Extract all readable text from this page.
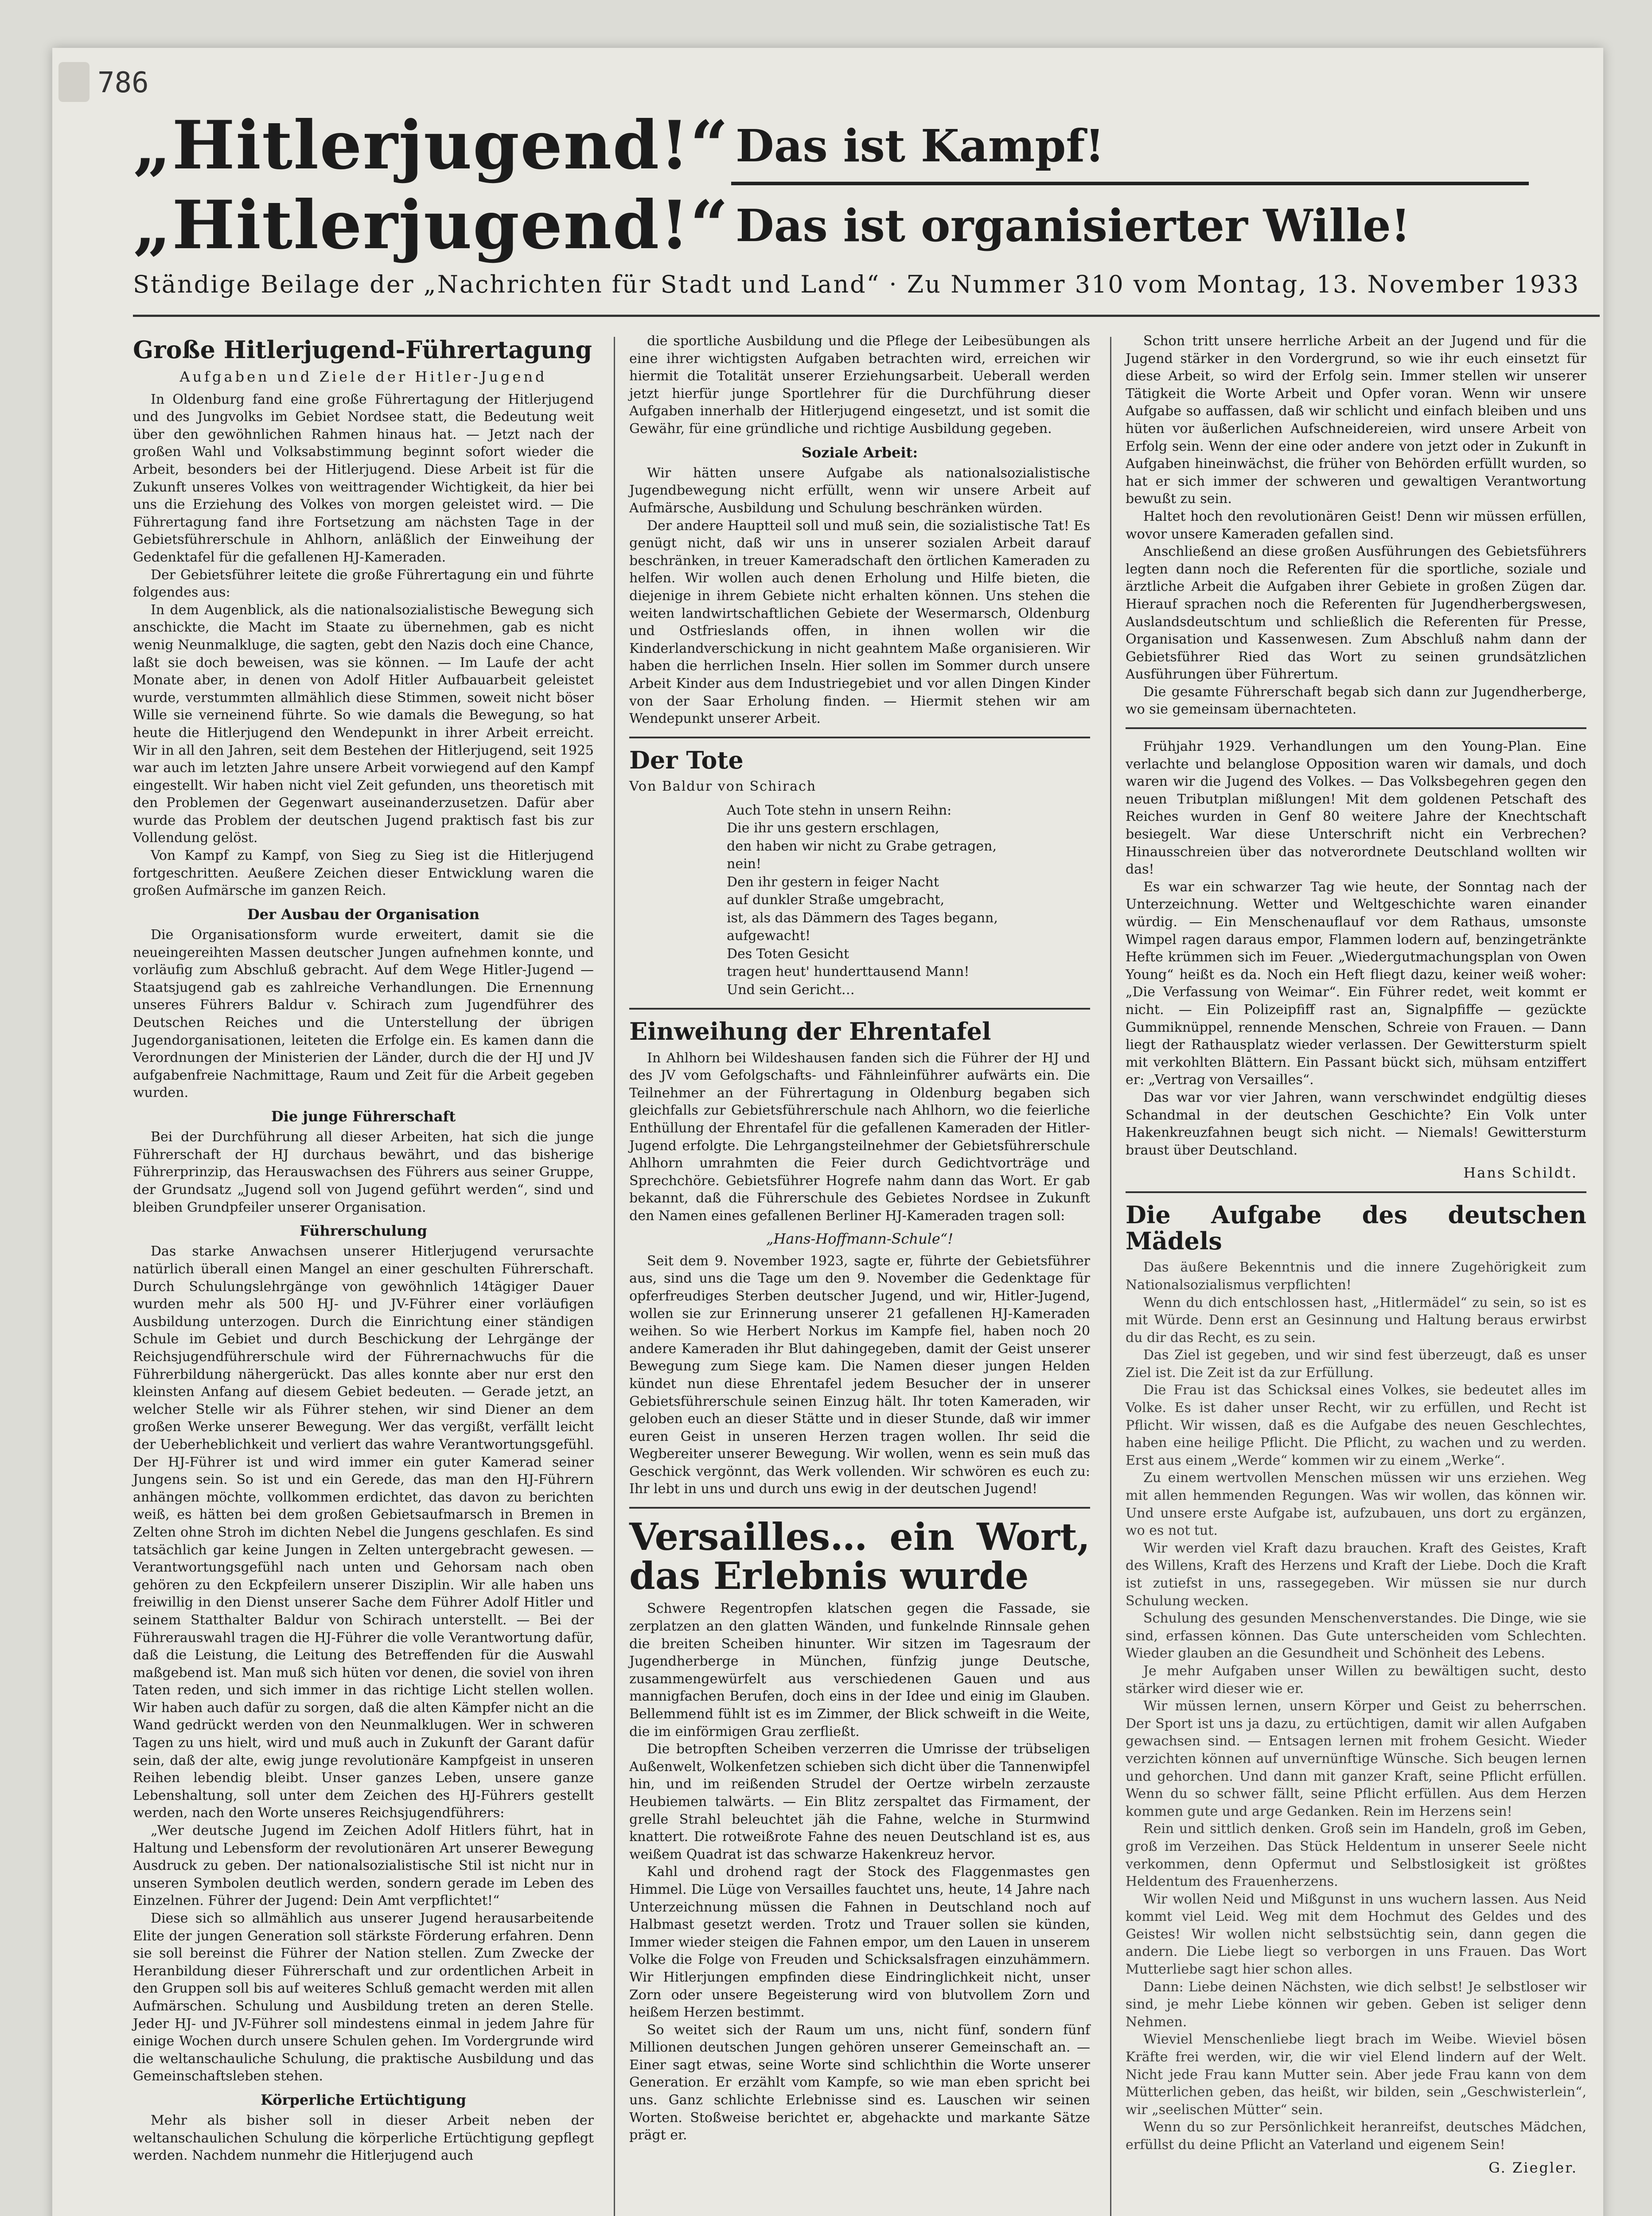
786
„Hitlerjugend!“ Das ist Kampf!
„Hitlerjugend!“ Das ist organisierter Wille!
Ständige Beilage der „Nachrichten für Stadt und Land“ · Zu Nummer 310 vom Montag, 13. November 1933
Große Hitlerjugend-Führertagung
Aufgaben und Ziele der Hitler-Jugend

In Oldenburg fand eine große Führertagung der Hitlerjugend und des Jungvolks im Gebiet Nordsee statt, die Bedeutung weit über den gewöhnlichen Rahmen hinaus hat. — Jetzt nach der großen Wahl und Volksabstimmung beginnt sofort wieder die Arbeit, besonders bei der Hitlerjugend. Diese Arbeit ist für die Zukunft unseres Volkes von weittragender Wichtigkeit, da hier bei uns die Erziehung des Volkes von morgen geleistet wird. — Die Führertagung fand ihre Fortsetzung am nächsten Tage in der Gebietsführerschule in Ahlhorn, anläßlich der Einweihung der Gedenktafel für die gefallenen HJ-Kameraden.

Der Gebietsführer leitete die große Führertagung ein und führte folgendes aus:

In dem Augenblick, als die nationalsozialistische Bewegung sich anschickte, die Macht im Staate zu übernehmen, gab es nicht wenig Neunmalkluge, die sagten, gebt den Nazis doch eine Chance, laßt sie doch beweisen, was sie können. — Im Laufe der acht Monate aber, in denen von Adolf Hitler Aufbauarbeit geleistet wurde, verstummten allmählich diese Stimmen, soweit nicht böser Wille sie verneinend führte. So wie damals die Bewegung, so hat heute die Hitlerjugend den Wendepunkt in ihrer Arbeit erreicht. Wir in all den Jahren, seit dem Bestehen der Hitlerjugend, seit 1925 war auch im letzten Jahre unsere Arbeit vorwiegend auf den Kampf eingestellt. Wir haben nicht viel Zeit gefunden, uns theoretisch mit den Problemen der Gegenwart auseinanderzusetzen. Dafür aber wurde das Problem der deutschen Jugend praktisch fast bis zur Vollendung gelöst.

Von Kampf zu Kampf, von Sieg zu Sieg ist die Hitlerjugend fortgeschritten. Aeußere Zeichen dieser Entwicklung waren die großen Aufmärsche im ganzen Reich.

Der Ausbau der Organisation

Die Organisationsform wurde erweitert, damit sie die neueingereihten Massen deutscher Jungen aufnehmen konnte, und vorläufig zum Abschluß gebracht. Auf dem Wege Hitler-Jugend — Staatsjugend gab es zahlreiche Verhandlungen. Die Ernennung unseres Führers Baldur v. Schirach zum Jugendführer des Deutschen Reiches und die Unterstellung der übrigen Jugendorganisationen, leiteten die Erfolge ein. Es kamen dann die Verordnungen der Ministerien der Länder, durch die der HJ und JV aufgabenfreie Nachmittage, Raum und Zeit für die Arbeit gegeben wurden.

Die junge Führerschaft

Bei der Durchführung all dieser Arbeiten, hat sich die junge Führerschaft der HJ durchaus bewährt, und das bisherige Führerprinzip, das Herauswachsen des Führers aus seiner Gruppe, der Grundsatz „Jugend soll von Jugend geführt werden“, sind und bleiben Grundpfeiler unserer Organisation.

Führerschulung

Das starke Anwachsen unserer Hitlerjugend verursachte natürlich überall einen Mangel an einer geschulten Führerschaft. Durch Schulungslehrgänge von gewöhnlich 14tägiger Dauer wurden mehr als 500 HJ- und JV-Führer einer vorläufigen Ausbildung unterzogen. Durch die Einrichtung einer ständigen Schule im Gebiet und durch Beschickung der Lehrgänge der Reichsjugendführerschule wird der Führernachwuchs für die Führerbildung nähergerückt. Das alles konnte aber nur erst den kleinsten Anfang auf diesem Gebiet bedeuten. — Gerade jetzt, an welcher Stelle wir als Führer stehen, wir sind Diener an dem großen Werke unserer Bewegung. Wer das vergißt, verfällt leicht der Ueberheblichkeit und verliert das wahre Verantwortungsgefühl. Der HJ-Führer ist und wird immer ein guter Kamerad seiner Jungens sein. So ist und ein Gerede, das man den HJ-Führern anhängen möchte, vollkommen erdichtet, das davon zu berichten weiß, es hätten bei dem großen Gebietsaufmarsch in Bremen in Zelten ohne Stroh im dichten Nebel die Jungens geschlafen. Es sind tatsächlich gar keine Jungen in Zelten untergebracht gewesen. — Verantwortungsgefühl nach unten und Gehorsam nach oben gehören zu den Eckpfeilern unserer Disziplin. Wir alle haben uns freiwillig in den Dienst unserer Sache dem Führer Adolf Hitler und seinem Statthalter Baldur von Schirach unterstellt. — Bei der Führerauswahl tragen die HJ-Führer die volle Verantwortung dafür, daß die Leistung, die Leitung des Betreffenden für die Auswahl maßgebend ist. Man muß sich hüten vor denen, die soviel von ihren Taten reden, und sich immer in das richtige Licht stellen wollen. Wir haben auch dafür zu sorgen, daß die alten Kämpfer nicht an die Wand gedrückt werden von den Neunmalklugen. Wer in schweren Tagen zu uns hielt, wird und muß auch in Zukunft der Garant dafür sein, daß der alte, ewig junge revolutionäre Kampfgeist in unseren Reihen lebendig bleibt. Unser ganzes Leben, unsere ganze Lebenshaltung, soll unter dem Zeichen des HJ-Führers gestellt werden, nach den Worte unseres Reichsjugendführers:

„Wer deutsche Jugend im Zeichen Adolf Hitlers führt, hat in Haltung und Lebensform der revolutionären Art unserer Bewegung Ausdruck zu geben. Der nationalsozialistische Stil ist nicht nur in unseren Symbolen deutlich werden, sondern gerade im Leben des Einzelnen. Führer der Jugend: Dein Amt verpflichtet!“

Diese sich so allmählich aus unserer Jugend herausarbeitende Elite der jungen Generation soll stärkste Förderung erfahren. Denn sie soll bereinst die Führer der Nation stellen. Zum Zwecke der Heranbildung dieser Führerschaft und zur ordentlichen Arbeit in den Gruppen soll bis auf weiteres Schluß gemacht werden mit allen Aufmärschen. Schulung und Ausbildung treten an deren Stelle. Jeder HJ- und JV-Führer soll mindestens einmal in jedem Jahre für einige Wochen durch unsere Schulen gehen. Im Vordergrunde wird die weltanschauliche Schulung, die praktische Ausbildung und das Gemeinschaftsleben stehen.

Körperliche Ertüchtigung

Mehr als bisher soll in dieser Arbeit neben der weltanschaulichen Schulung die körperliche Ertüchtigung gepflegt werden. Nachdem nunmehr die Hitlerjugend auch

die sportliche Ausbildung und die Pflege der Leibesübungen als eine ihrer wichtigsten Aufgaben betrachten wird, erreichen wir hiermit die Totalität unserer Erziehungsarbeit. Ueberall werden jetzt hierfür junge Sportlehrer für die Durchführung dieser Aufgaben innerhalb der Hitlerjugend eingesetzt, und ist somit die Gewähr, für eine gründliche und richtige Ausbildung gegeben.

Soziale Arbeit:

Wir hätten unsere Aufgabe als nationalsozialistische Jugendbewegung nicht erfüllt, wenn wir unsere Arbeit auf Aufmärsche, Ausbildung und Schulung beschränken würden.

Der andere Hauptteil soll und muß sein, die sozialistische Tat! Es genügt nicht, daß wir uns in unserer sozialen Arbeit darauf beschränken, in treuer Kameradschaft den örtlichen Kameraden zu helfen. Wir wollen auch denen Erholung und Hilfe bieten, die diejenige in ihrem Gebiete nicht erhalten können. Uns stehen die weiten landwirtschaftlichen Gebiete der Wesermarsch, Oldenburg und Ostfrieslands offen, in ihnen wollen wir die Kinderlandverschickung in nicht geahntem Maße organisieren. Wir haben die herrlichen Inseln. Hier sollen im Sommer durch unsere Arbeit Kinder aus dem Industriegebiet und vor allen Dingen Kinder von der Saar Erholung finden. — Hiermit stehen wir am Wendepunkt unserer Arbeit.

Der Tote
Von Baldur von Schirach
Auch Tote stehn in unsern Reihn:
Die ihr uns gestern erschlagen,
den haben wir nicht zu Grabe getragen,
nein!
Den ihr gestern in feiger Nacht
auf dunkler Straße umgebracht,
ist, als das Dämmern des Tages begann,
aufgewacht!
Des Toten Gesicht
tragen heut' hunderttausend Mann!
Und sein Gericht…
Einweihung der Ehrentafel

In Ahlhorn bei Wildeshausen fanden sich die Führer der HJ und des JV vom Gefolgschafts- und Fähnleinführer aufwärts ein. Die Teilnehmer an der Führertagung in Oldenburg begaben sich gleichfalls zur Gebietsführerschule nach Ahlhorn, wo die feierliche Enthüllung der Ehrentafel für die gefallenen Kameraden der Hitler-Jugend erfolgte. Die Lehrgangsteilnehmer der Gebietsführerschule Ahlhorn umrahmten die Feier durch Gedichtvorträge und Sprechchöre. Gebietsführer Hogrefe nahm dann das Wort. Er gab bekannt, daß die Führerschule des Gebietes Nordsee in Zukunft den Namen eines gefallenen Berliner HJ-Kameraden tragen soll:

„Hans-Hoffmann-Schule“!

Seit dem 9. November 1923, sagte er, führte der Gebietsführer aus, sind uns die Tage um den 9. November die Gedenktage für opferfreudiges Sterben deutscher Jugend, und wir, Hitler-Jugend, wollen sie zur Erinnerung unserer 21 gefallenen HJ-Kameraden weihen. So wie Herbert Norkus im Kampfe fiel, haben noch 20 andere Kameraden ihr Blut dahingegeben, damit der Geist unserer Bewegung zum Siege kam. Die Namen dieser jungen Helden kündet nun diese Ehrentafel jedem Besucher der in unserer Gebietsführerschule seinen Einzug hält. Ihr toten Kameraden, wir geloben euch an dieser Stätte und in dieser Stunde, daß wir immer euren Geist in unseren Herzen tragen wollen. Ihr seid die Wegbereiter unserer Bewegung. Wir wollen, wenn es sein muß das Geschick vergönnt, das Werk vollenden. Wir schwören es euch zu: Ihr lebt in uns und durch uns ewig in der deutschen Jugend!

Versailles… ein Wort, das Erlebnis wurde

Schwere Regentropfen klatschen gegen die Fassade, sie zerplatzen an den glatten Wänden, und funkelnde Rinnsale gehen die breiten Scheiben hinunter. Wir sitzen im Tagesraum der Jugendherberge in München, fünfzig junge Deutsche, zusammengewürfelt aus verschiedenen Gauen und aus mannigfachen Berufen, doch eins in der Idee und einig im Glauben. Bellemmend fühlt ist es im Zimmer, der Blick schweift in die Weite, die im einförmigen Grau zerfließt.

Die betropften Scheiben verzerren die Umrisse der trübseligen Außenwelt, Wolkenfetzen schieben sich dicht über die Tannenwipfel hin, und im reißenden Strudel der Oertze wirbeln zerzauste Heubiemen talwärts. — Ein Blitz zerspaltet das Firmament, der grelle Strahl beleuchtet jäh die Fahne, welche in Sturmwind knattert. Die rotweißrote Fahne des neuen Deutschland ist es, aus weißem Quadrat ist das schwarze Hakenkreuz hervor.

Kahl und drohend ragt der Stock des Flaggenmastes gen Himmel. Die Lüge von Versailles fauchtet uns, heute, 14 Jahre nach Unterzeichnung müssen die Fahnen in Deutschland noch auf Halbmast gesetzt werden. Trotz und Trauer sollen sie künden, Immer wieder steigen die Fahnen empor, um den Lauen in unserem Volke die Folge von Freuden und Schicksalsfragen einzuhämmern. Wir Hitlerjungen empfinden diese Eindringlichkeit nicht, unser Zorn oder unsere Begeisterung wird von blutvollem Zorn und heißem Herzen bestimmt.

So weitet sich der Raum um uns, nicht fünf, sondern fünf Millionen deutschen Jungen gehören unserer Gemeinschaft an. — Einer sagt etwas, seine Worte sind schlichthin die Worte unserer Generation. Er erzählt vom Kampfe, so wie man eben spricht bei uns. Ganz schlichte Erlebnisse sind es. Lauschen wir seinen Worten. Stoßweise berichtet er, abgehackte und markante Sätze prägt er.

Schon tritt unsere herrliche Arbeit an der Jugend und für die Jugend stärker in den Vordergrund, so wie ihr euch einsetzt für diese Arbeit, so wird der Erfolg sein. Immer stellen wir unserer Tätigkeit die Worte Arbeit und Opfer voran. Wenn wir unsere Aufgabe so auffassen, daß wir schlicht und einfach bleiben und uns hüten vor äußerlichen Aufschneidereien, wird unsere Arbeit von Erfolg sein. Wenn der eine oder andere von jetzt oder in Zukunft in Aufgaben hineinwächst, die früher von Behörden erfüllt wurden, so hat er sich immer der schweren und gewaltigen Verantwortung bewußt zu sein.

Haltet hoch den revolutionären Geist! Denn wir müssen erfüllen, wovor unsere Kameraden gefallen sind.

Anschließend an diese großen Ausführungen des Gebietsführers legten dann noch die Referenten für die sportliche, soziale und ärztliche Arbeit die Aufgaben ihrer Gebiete in großen Zügen dar. Hierauf sprachen noch die Referenten für Jugendherbergswesen, Auslandsdeutschtum und schließlich die Referenten für Presse, Organisation und Kassenwesen. Zum Abschluß nahm dann der Gebietsführer Ried das Wort zu seinen grundsätzlichen Ausführungen über Führertum.

Die gesamte Führerschaft begab sich dann zur Jugendherberge, wo sie gemeinsam übernachteten.

Frühjahr 1929. Verhandlungen um den Young-Plan. Eine verlachte und belanglose Opposition waren wir damals, und doch waren wir die Jugend des Volkes. — Das Volksbegehren gegen den neuen Tributplan mißlungen! Mit dem goldenen Petschaft des Reiches wurden in Genf 80 weitere Jahre der Knechtschaft besiegelt. War diese Unterschrift nicht ein Verbrechen? Hinausschreien über das notverordnete Deutschland wollten wir das!

Es war ein schwarzer Tag wie heute, der Sonntag nach der Unterzeichnung. Wetter und Weltgeschichte waren einander würdig. — Ein Menschenauflauf vor dem Rathaus, umsonste Wimpel ragen daraus empor, Flammen lodern auf, benzingetränkte Hefte krümmen sich im Feuer. „Wiedergutmachungsplan von Owen Young“ heißt es da. Noch ein Heft fliegt dazu, keiner weiß woher: „Die Verfassung von Weimar“. Ein Führer redet, weit kommt er nicht. — Ein Polizeipfiff rast an, Signalpfiffe — gezückte Gummiknüppel, rennende Menschen, Schreie von Frauen. — Dann liegt der Rathausplatz wieder verlassen. Der Gewittersturm spielt mit verkohlten Blättern. Ein Passant bückt sich, mühsam entziffert er: „Vertrag von Versailles“.

Das war vor vier Jahren, wann verschwindet endgültig dieses Schandmal in der deutschen Geschichte? Ein Volk unter Hakenkreuzfahnen beugt sich nicht. — Niemals! Gewittersturm braust über Deutschland.

Hans Schildt.
Die Aufgabe des deutschen Mädels

Das äußere Bekenntnis und die innere Zugehörigkeit zum Nationalsozialismus verpflichten!

Wenn du dich entschlossen hast, „Hitlermädel“ zu sein, so ist es mit Würde. Denn erst an Gesinnung und Haltung beraus erwirbst du dir das Recht, es zu sein.

Das Ziel ist gegeben, und wir sind fest überzeugt, daß es unser Ziel ist. Die Zeit ist da zur Erfüllung.

Die Frau ist das Schicksal eines Volkes, sie bedeutet alles im Volke. Es ist daher unser Recht, wir zu erfüllen, und Recht ist Pflicht. Wir wissen, daß es die Aufgabe des neuen Geschlechtes, haben eine heilige Pflicht. Die Pflicht, zu wachen und zu werden. Erst aus einem „Werde“ kommen wir zu einem „Werke“.

Zu einem wertvollen Menschen müssen wir uns erziehen. Weg mit allen hemmenden Regungen. Was wir wollen, das können wir. Und unsere erste Aufgabe ist, aufzubauen, uns dort zu ergänzen, wo es not tut.

Wir werden viel Kraft dazu brauchen. Kraft des Geistes, Kraft des Willens, Kraft des Herzens und Kraft der Liebe. Doch die Kraft ist zutiefst in uns, rassegegeben. Wir müssen sie nur durch Schulung wecken.

Schulung des gesunden Menschenverstandes. Die Dinge, wie sie sind, erfassen können. Das Gute unterscheiden vom Schlechten. Wieder glauben an die Gesundheit und Schönheit des Lebens.

Je mehr Aufgaben unser Willen zu bewältigen sucht, desto stärker wird dieser wie er.

Wir müssen lernen, unsern Körper und Geist zu beherrschen. Der Sport ist uns ja dazu, zu ertüchtigen, damit wir allen Aufgaben gewachsen sind. — Entsagen lernen mit frohem Gesicht. Wieder verzichten können auf unvernünftige Wünsche. Sich beugen lernen und gehorchen. Und dann mit ganzer Kraft, seine Pflicht erfüllen. Wenn du so schwer fällt, seine Pflicht erfüllen. Aus dem Herzen kommen gute und arge Gedanken. Rein im Herzens sein!

Rein und sittlich denken. Groß sein im Handeln, groß im Geben, groß im Verzeihen. Das Stück Heldentum in unserer Seele nicht verkommen, denn Opfermut und Selbstlosigkeit ist größtes Heldentum des Frauenherzens.

Wir wollen Neid und Mißgunst in uns wuchern lassen. Aus Neid kommt viel Leid. Weg mit dem Hochmut des Geldes und des Geistes! Wir wollen nicht selbstsüchtig sein, dann gegen die andern. Die Liebe liegt so verborgen in uns Frauen. Das Wort Mutterliebe sagt hier schon alles.

Dann: Liebe deinen Nächsten, wie dich selbst! Je selbstloser wir sind, je mehr Liebe können wir geben. Geben ist seliger denn Nehmen.

Wieviel Menschenliebe liegt brach im Weibe. Wieviel bösen Kräfte frei werden, wir, die wir viel Elend lindern auf der Welt. Nicht jede Frau kann Mutter sein. Aber jede Frau kann von dem Mütterlichen geben, das heißt, wir bilden, sein „Geschwisterlein“, wir „seelischen Mütter“ sein.

Wenn du so zur Persönlichkeit heranreifst, deutsches Mädchen, erfüllst du deine Pflicht an Vaterland und eigenem Sein!

G. Ziegler.
